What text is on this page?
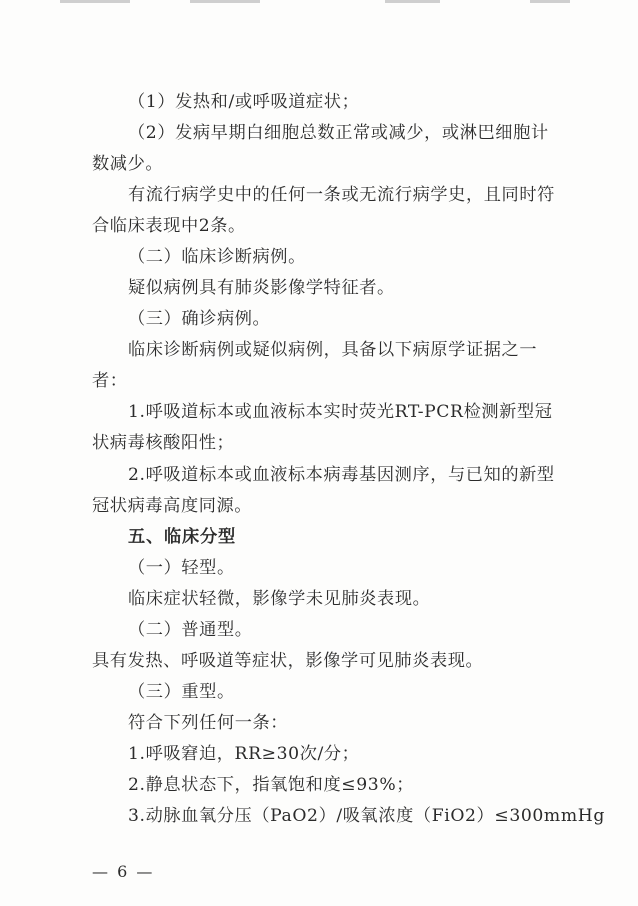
（1）发热和/或呼吸道症状；
（2）发病早期白细胞总数正常或减少，或淋巴细胞计
数减少。
有流行病学史中的任何一条或无流行病学史，且同时符
合临床表现中2条。
（二）临床诊断病例。
疑似病例具有肺炎影像学特征者。
（三）确诊病例。
临床诊断病例或疑似病例，具备以下病原学证据之一
者：
1.呼吸道标本或血液标本实时荧光RT-PCR检测新型冠
状病毒核酸阳性；
2.呼吸道标本或血液标本病毒基因测序，与已知的新型
冠状病毒高度同源。
五、临床分型
（一）轻型。
临床症状轻微，影像学未见肺炎表现。
（二）普通型。
具有发热、呼吸道等症状，影像学可见肺炎表现。
（三）重型。
符合下列任何一条：
1.呼吸窘迫，RR≥30次/分；
2.静息状态下，指氧饱和度≤93%；
3.动脉血氧分压（PaO2）/吸氧浓度（FiO2）≤300mmHg
— 6 —
